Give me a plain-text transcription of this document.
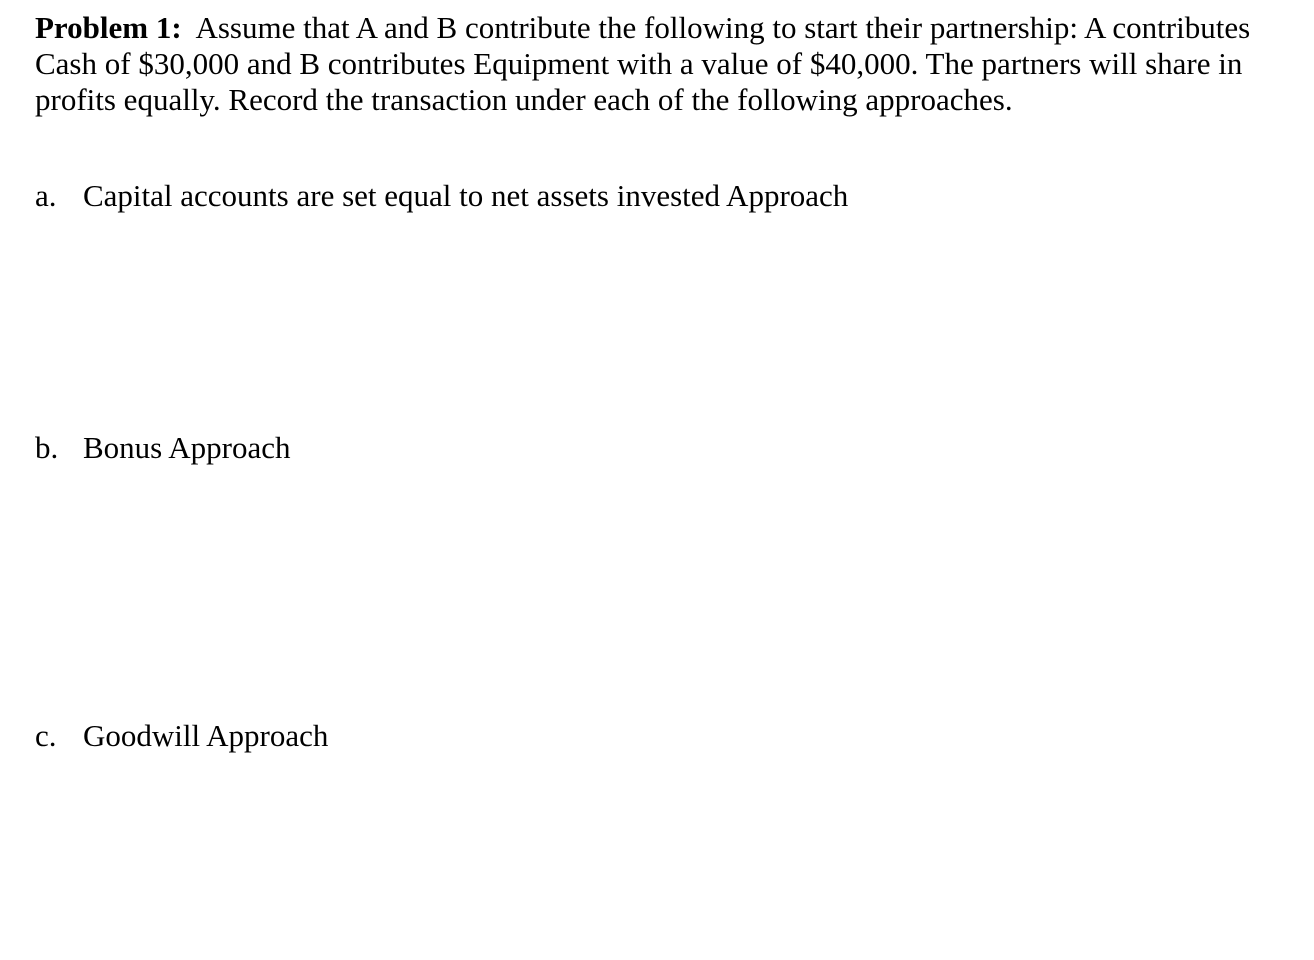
Problem 1: Assume that A and B contribute the following to start their partnership: A contributes Cash of $30,000 and B contributes Equipment with a value of $40,000. The partners will share in profits equally. Record the transaction under each of the following approaches.

a. Capital accounts are set equal to net assets invested Approach

b. Bonus Approach

c. Goodwill Approach
